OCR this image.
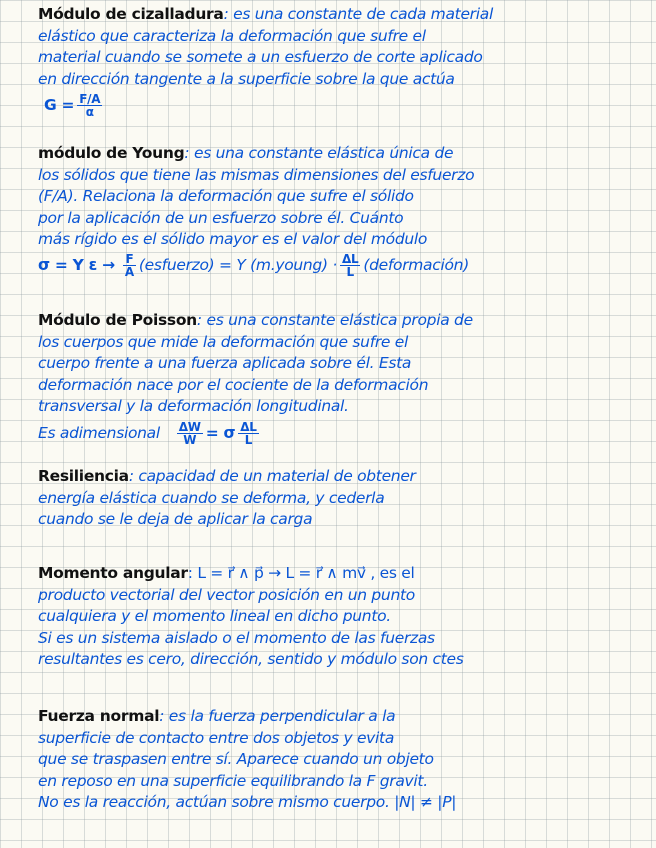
Módulo de cizalladura: es una constante de cada material
elástico que caracteriza la deformación que sufre el
material cuando se somete a un esfuerzo de corte aplicado
en dirección tangente a la superficie sobre la que actúa
$G = \frac{F/A}{\alpha}$
módulo de Young: es una constante elástica única de
los sólidos que tiene las mismas dimensiones del esfuerzo
(F/A). Relaciona la deformación que sufre el sólido
por la aplicación de un esfuerzo sobre él. Cuánto
más rígido es el sólido mayor es el valor del módulo
σ = Y $\varepsilon \to \frac{F}{A}$ (esfuerzo) = Y (m.young) · $\frac{\Delta L}{L}$ (deformación)
Módulo de Poisson: es una constante elástica propia de
los cuerpos que mide la deformación que sufre el
cuerpo frente a una fuerza aplicada sobre él. Esta
deformación nace por el cociente de la deformación
transversal y la deformación longitudinal.
Es adimensional $\frac{\Delta W}{W} = \sigma \frac{\Delta L}{L}$
Resiliencia: capacidad de un material de obtener
energía elástica cuando se deforma, y cederla
cuando se le deja de aplicar la carga
Momento angular: L = r⃗ ∧ p⃗ → L = r⃗ ∧ mv⃗ , es el
producto vectorial del vector posición en un punto
cualquiera y el momento lineal en dicho punto.
Si es un sistema aislado o el momento de las fuerzas
resultantes es cero, dirección, sentido y módulo son ctes
Fuerza normal: es la fuerza perpendicular a la
superficie de contacto entre dos objetos y evita
que se traspasen entre sí. Aparece cuando un objeto
en reposo en una superficie equilibrando la F gravit.
No es la reacción, actúan sobre mismo cuerpo. |N| ≠ |P|
